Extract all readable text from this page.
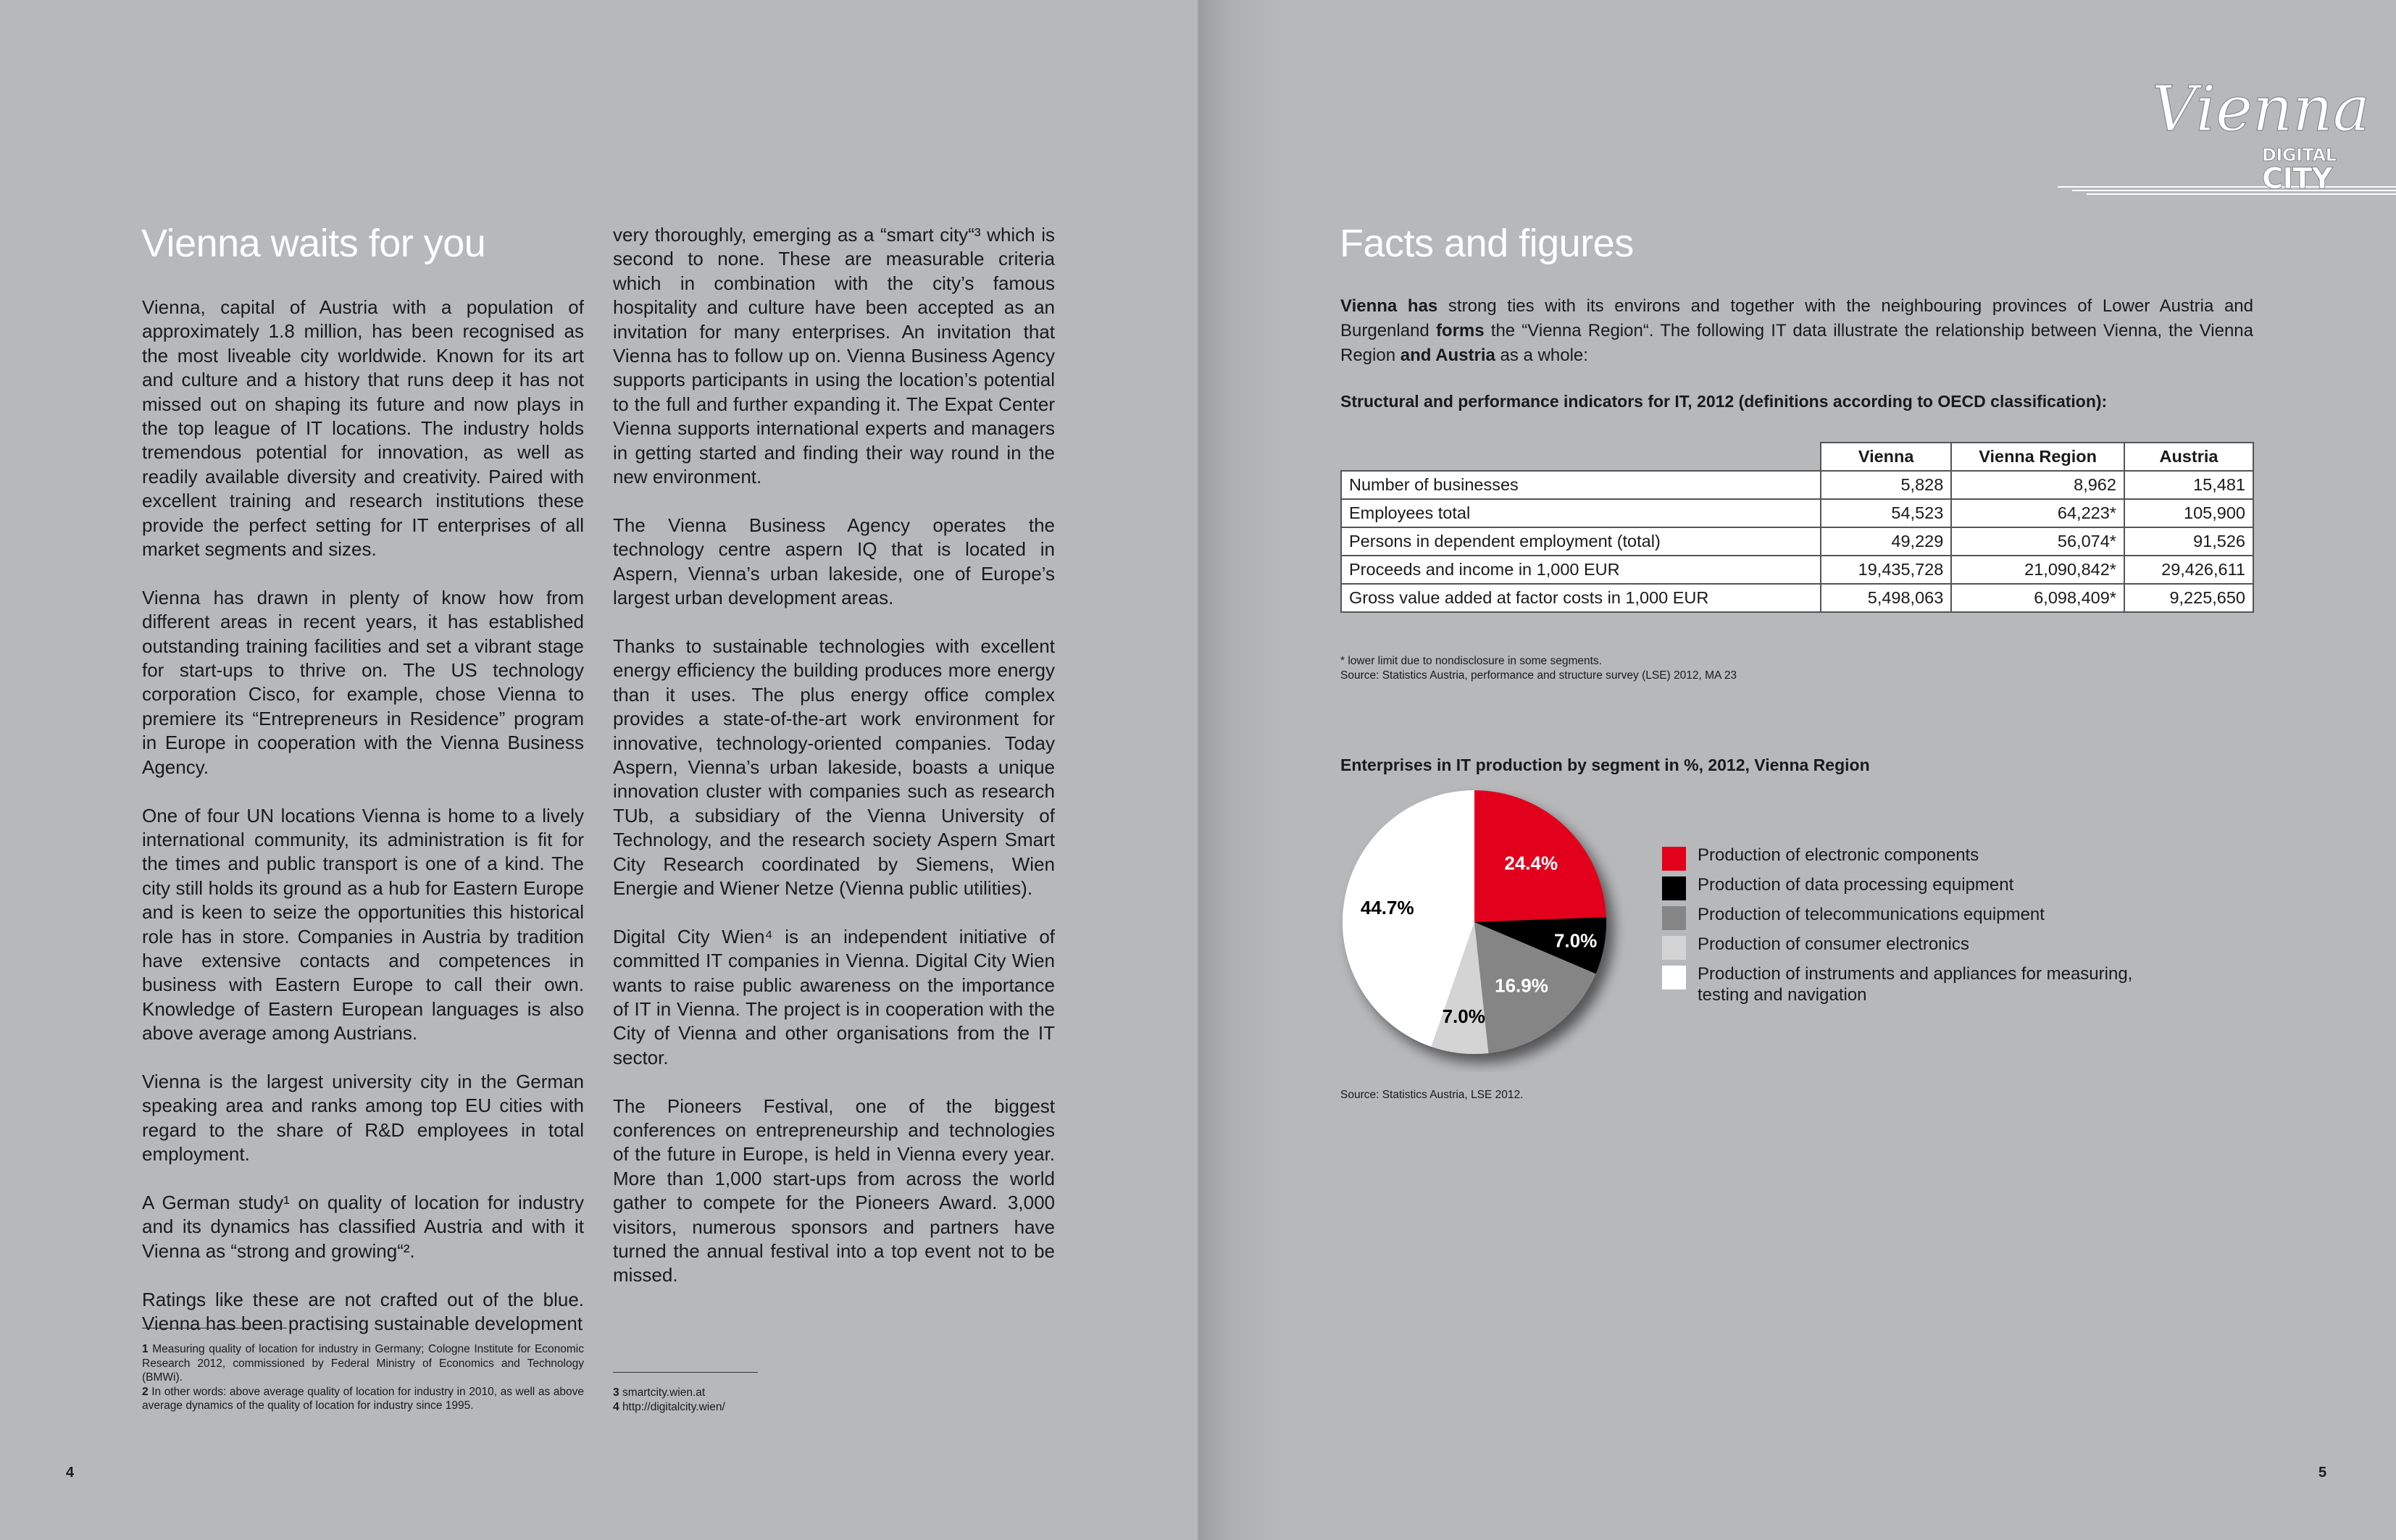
Vienna waits for you

Vienna, capital of Austria with a population of approximately 1.8 million, has been recognised as the most liveable city worldwide. Known for its art and culture and a history that runs deep it has not missed out on shaping its future and now plays in the top league of IT locations. The industry holds tremendous potential for innovation, as well as readily available diversity and creativity. Paired with excellent training and research institutions these provide the perfect setting for IT enterprises of all market segments and sizes.

Vienna has drawn in plenty of know how from different areas in recent years, it has established outstanding training facilities and set a vibrant stage for start-ups to thrive on. The US technology corporation Cisco, for example, chose Vienna to premiere its “Entrepreneurs in Residence” program in Europe in cooperation with the Vienna Business Agency.

One of four UN locations Vienna is home to a lively international community, its administration is fit for the times and public transport is one of a kind. The city still holds its ground as a hub for Eastern Europe and is keen to seize the opportunities this historical role has in store. Companies in Austria by tradition have extensive contacts and competences in business with Eastern Europe to call their own. Knowledge of Eastern European languages is also above average among Austrians.

Vienna is the largest university city in the German speaking area and ranks among top EU cities with regard to the share of R&D employees in total employment.

A German study¹ on quality of location for industry and its dynamics has classified Austria and with it Vienna as “strong and growing“².

Ratings like these are not crafted out of the blue. Vienna has been practising sustainable development

very thoroughly, emerging as a “smart city“³ which is second to none. These are measurable criteria which in combination with the city’s famous hospitality and culture have been accepted as an invitation for many enterprises. An invitation that Vienna has to follow up on. Vienna Business Agency supports participants in using the location’s potential to the full and further expanding it. The Expat Center Vienna supports international experts and managers in getting started and finding their way round in the new environment.

The Vienna Business Agency operates the technology centre aspern IQ that is located in Aspern, Vienna’s urban lakeside, one of Europe’s largest urban development areas.

Thanks to sustainable technologies with excellent energy efficiency the building produces more energy than it uses. The plus energy office complex provides a state-of-the-art work environment for innovative, technology-oriented companies. Today Aspern, Vienna’s urban lakeside, boasts a unique innovation cluster with companies such as research TUb, a subsidiary of the Vienna University of Technology, and the research society Aspern Smart City Research coordinated by Siemens, Wien Energie and Wiener Netze (Vienna public utilities).

Digital City Wien⁴ is an independent initiative of committed IT companies in Vienna. Digital City Wien wants to raise public awareness on the importance of IT in Vienna. The project is in cooperation with the City of Vienna and other organisations from the IT sector.

The Pioneers Festival, one of the biggest conferences on entrepreneurship and technologies of the future in Europe, is held in Vienna every year. More than 1,000 start-ups from across the world gather to compete for the Pioneers Award. 3,000 visitors, numerous sponsors and partners have turned the annual festival into a top event not to be missed.

1 Measuring quality of location for industry in Germany; Cologne Institute for Economic Research 2012, commissioned by Federal Ministry of Economics and Technology (BMWi).
2 In other words: above average quality of location for industry in 2010, as well as above average dynamics of the quality of location for industry since 1995.
3 smartcity.wien.at
4 http://digitalcity.wien/
4
Vienna
DIGITAL
CITY
Facts and figures
Vienna has strong ties with its environs and together with the neighbouring provinces of Lower Austria and Burgenland forms the “Vienna Region“. The following IT data illustrate the relationship between Vienna, the Vienna Region and Austria as a whole:
Structural and performance indicators for IT, 2012 (definitions according to OECD classification):
	Vienna	Vienna Region	Austria
Number of businesses	5,828	8,962	15,481
Employees total	54,523	64,223*	105,900
Persons in dependent employment (total)	49,229	56,074*	91,526
Proceeds and income in 1,000 EUR	19,435,728	21,090,842*	29,426,611
Gross value added at factor costs in 1,000 EUR	5,498,063	6,098,409*	9,225,650
* lower limit due to nondisclosure in some segments.
Source: Statistics Austria, performance and structure survey (LSE) 2012, MA 23
Enterprises in IT production by segment in %, 2012, Vienna Region
24.4%
7.0%
16.9%
7.0%
44.7%
Production of electronic components
Production of data processing equipment
Production of telecommunications equipment
Production of consumer electronics
Production of instruments and appliances for measuring, testing and navigation
Source: Statistics Austria, LSE 2012.
5
